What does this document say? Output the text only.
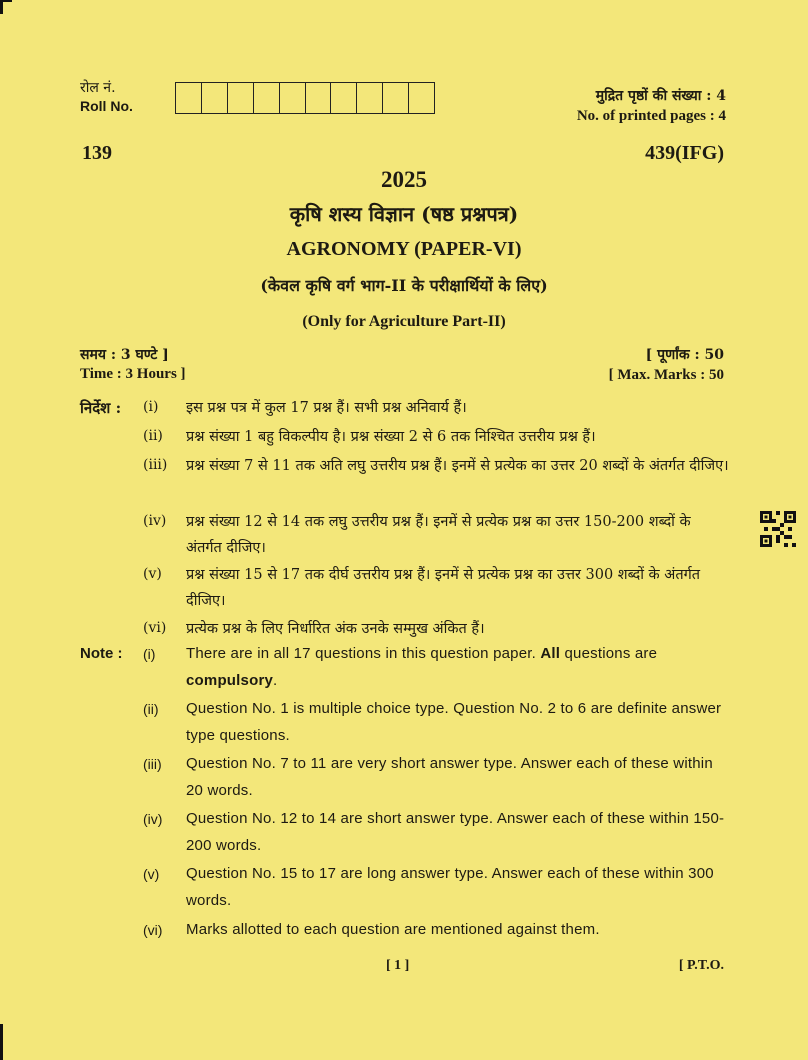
रोल नं.
Roll No.
मुद्रित पृष्ठों की संख्या : 4
No. of printed pages : 4
139	439(IFG)
2025
कृषि शस्य विज्ञान (षष्ठ प्रश्नपत्र)
AGRONOMY (PAPER-VI)
(केवल कृषि वर्ग भाग-II के परीक्षार्थियों के लिए)
(Only for Agriculture Part-II)
समय : 3 घण्टे ]
Time : 3 Hours ]
[ पूर्णांक : 50
[ Max. Marks : 50
निर्देश : (i) इस प्रश्न पत्र में कुल 17 प्रश्न हैं। सभी प्रश्न अनिवार्य हैं।
(ii) प्रश्न संख्या 1 बहु विकल्पीय है। प्रश्न संख्या 2 से 6 तक निश्चित उत्तरीय प्रश्न हैं।
(iii) प्रश्न संख्या 7 से 11 तक अति लघु उत्तरीय प्रश्न हैं। इनमें से प्रत्येक का उत्तर 20 शब्दों के अंतर्गत दीजिए।
(iv) प्रश्न संख्या 12 से 14 तक लघु उत्तरीय प्रश्न हैं। इनमें से प्रत्येक प्रश्न का उत्तर 150-200 शब्दों के अंतर्गत दीजिए।
(v) प्रश्न संख्या 15 से 17 तक दीर्घ उत्तरीय प्रश्न हैं। इनमें से प्रत्येक प्रश्न का उत्तर 300 शब्दों के अंतर्गत दीजिए।
(vi) प्रत्येक प्रश्न के लिए निर्धारित अंक उनके सम्मुख अंकित हैं।
Note : (i) There are in all 17 questions in this question paper. All questions are compulsory.
(ii) Question No. 1 is multiple choice type. Question No. 2 to 6 are definite answer type questions.
(iii) Question No. 7 to 11 are very short answer type. Answer each of these within 20 words.
(iv) Question No. 12 to 14 are short answer type. Answer each of these within 150-200 words.
(v) Question No. 15 to 17 are long answer type. Answer each of these within 300 words.
(vi) Marks allotted to each question are mentioned against them.
[ 1 ]	[ P.T.O.
